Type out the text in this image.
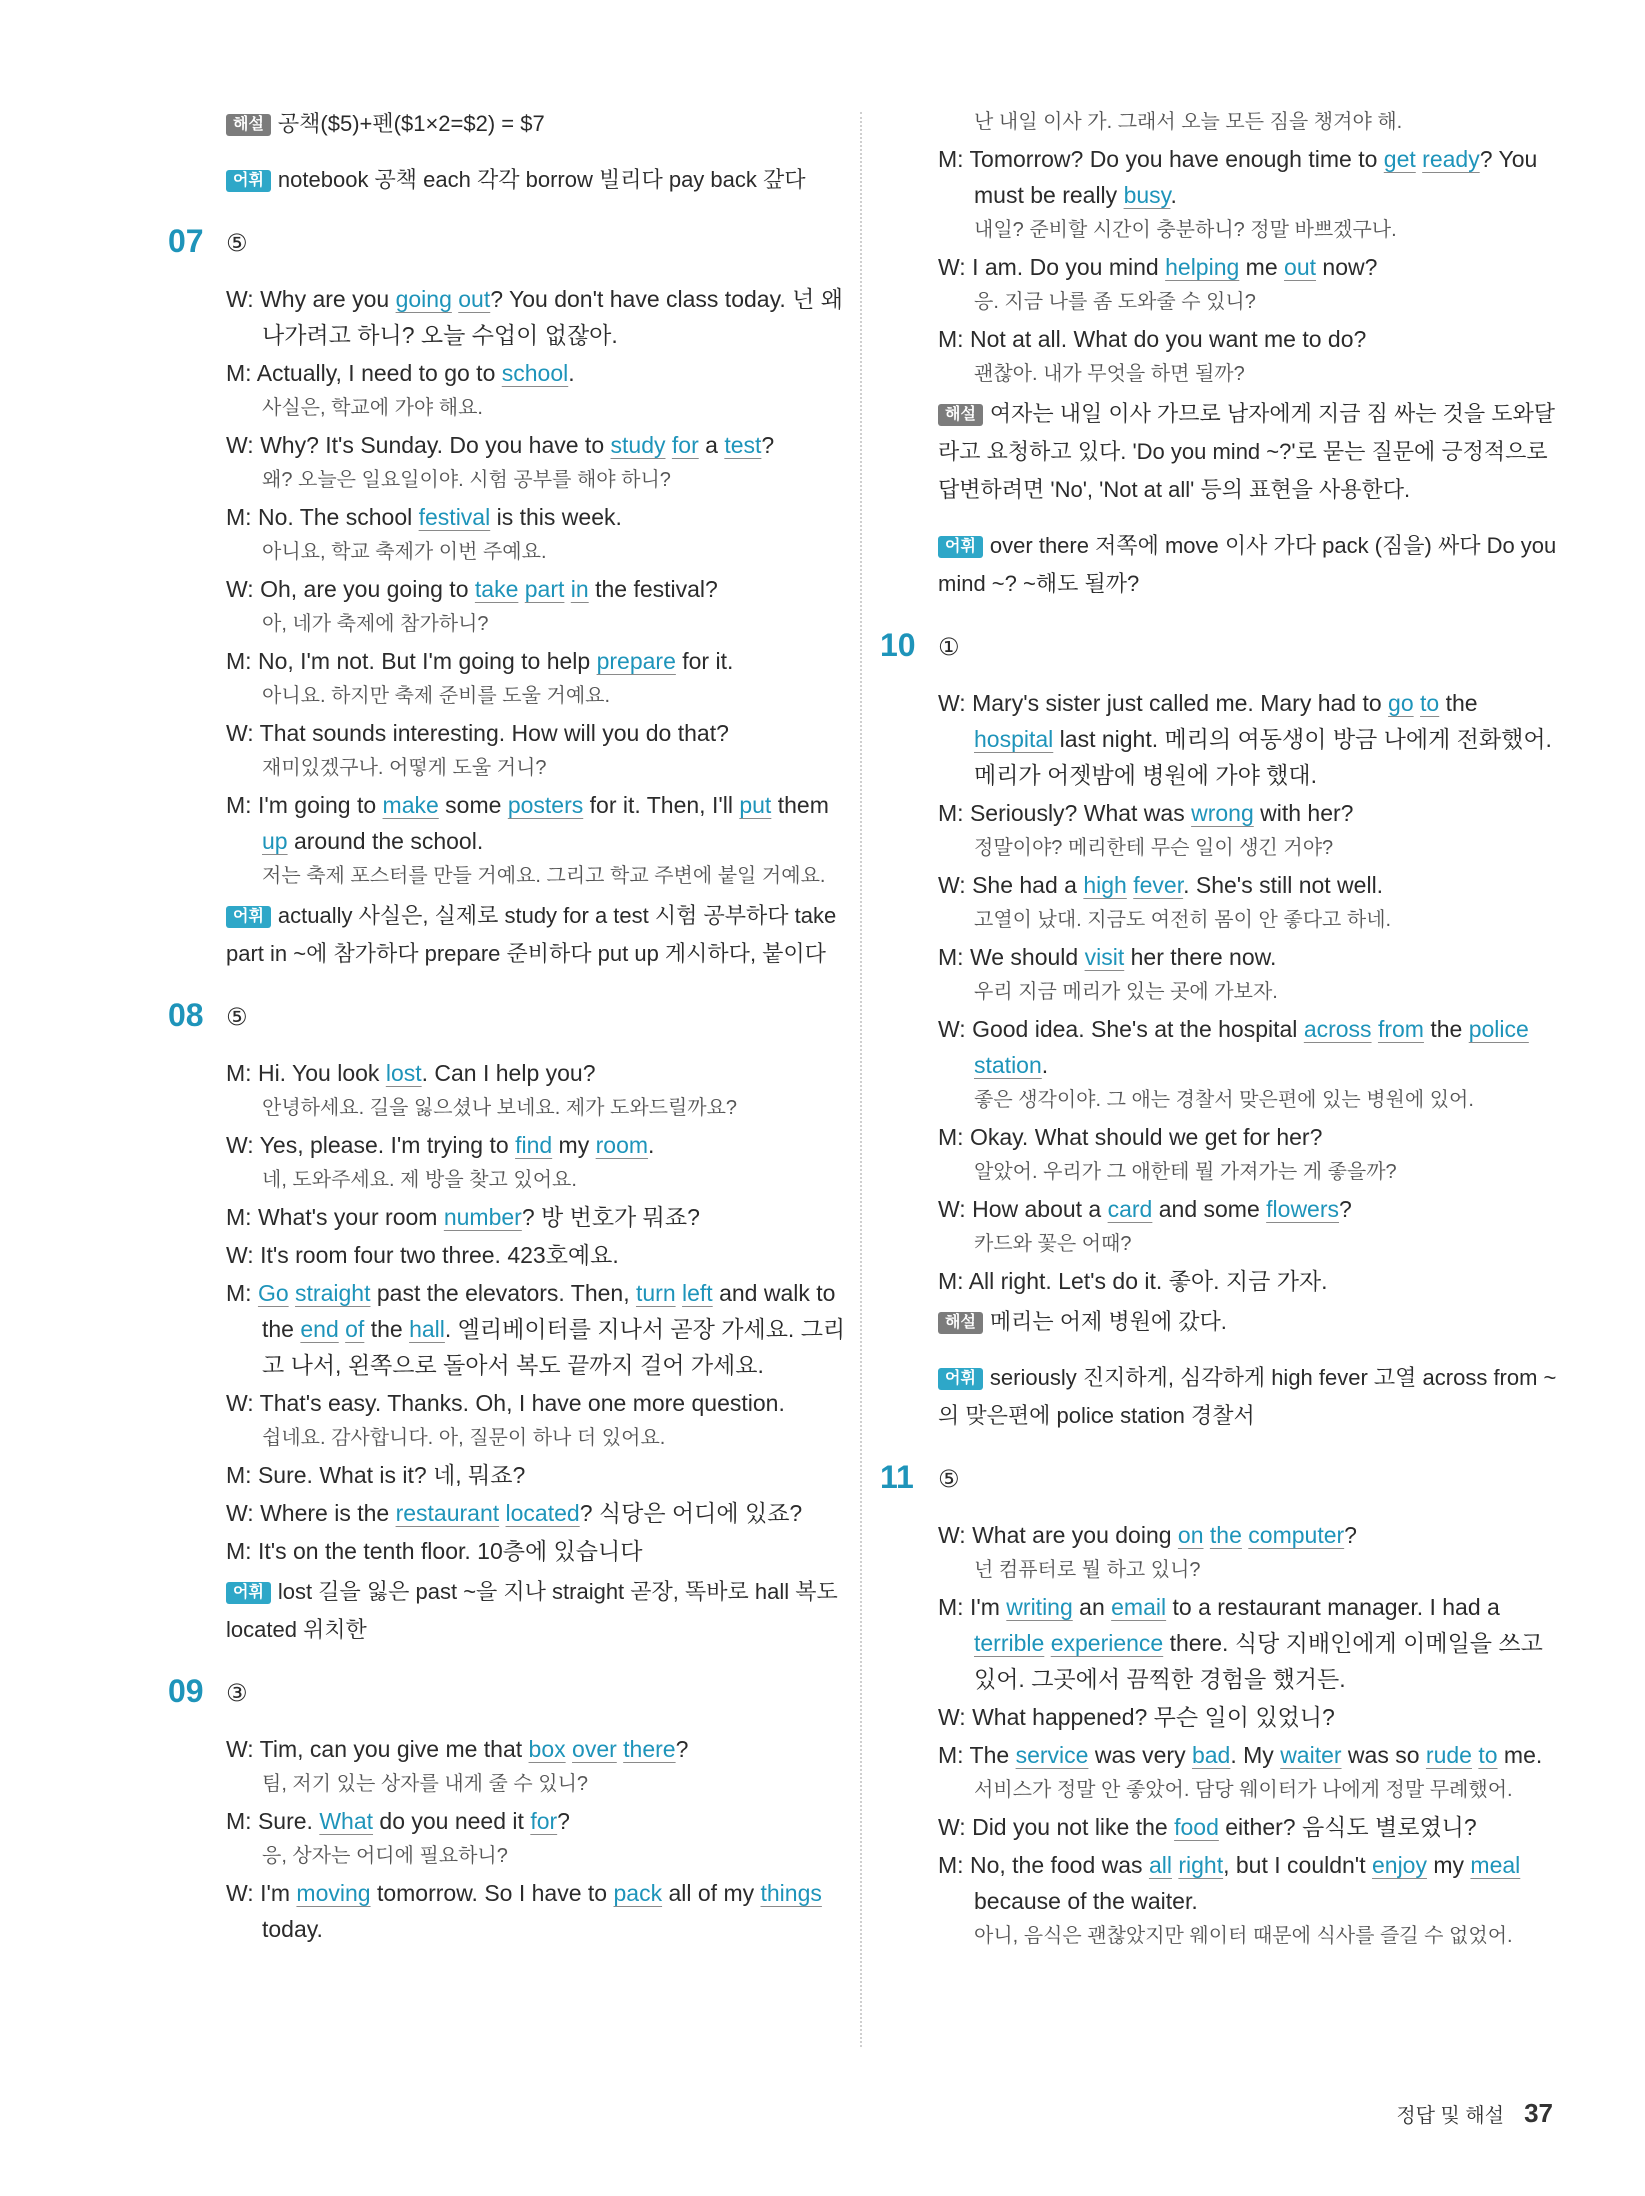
해설 공책($5)+펜($1×2=$2) = $7
어휘 notebook 공책 each 각각 borrow 빌리다 pay back 갚다
07 ⑤
W: Why are you going out? You don't have class today. 넌 왜 나가려고 하니? 오늘 수업이 없잖아.
M: Actually, I need to go to school.
사실은, 학교에 가야 해요.
W: Why? It's Sunday. Do you have to study for a test?
왜? 오늘은 일요일이야. 시험 공부를 해야 하니?
M: No. The school festival is this week.
아니요, 학교 축제가 이번 주예요.
W: Oh, are you going to take part in the festival?
아, 네가 축제에 참가하니?
M: No, I'm not. But I'm going to help prepare for it.
아니요. 하지만 축제 준비를 도울 거예요.
W: That sounds interesting. How will you do that?
재미있겠구나. 어떻게 도울 거니?
M: I'm going to make some posters for it. Then, I'll put them up around the school.
저는 축제 포스터를 만들 거예요. 그리고 학교 주변에 붙일 거예요.
어휘 actually 사실은, 실제로 study for a test 시험 공부하다 take part in ~에 참가하다 prepare 준비하다 put up 게시하다, 붙이다
08 ⑤
M: Hi. You look lost. Can I help you?
안녕하세요. 길을 잃으셨나 보네요. 제가 도와드릴까요?
W: Yes, please. I'm trying to find my room.
네, 도와주세요. 제 방을 찾고 있어요.
M: What's your room number? 방 번호가 뭐죠?
W: It's room four two three. 423호예요.
M: Go straight past the elevators. Then, turn left and walk to the end of the hall. 엘리베이터를 지나서 곧장 가세요. 그리고 나서, 왼쪽으로 돌아서 복도 끝까지 걸어 가세요.
W: That's easy. Thanks. Oh, I have one more question.
쉽네요. 감사합니다. 아, 질문이 하나 더 있어요.
M: Sure. What is it? 네, 뭐죠?
W: Where is the restaurant located? 식당은 어디에 있죠?
M: It's on the tenth floor. 10층에 있습니다
어휘 lost 길을 잃은 past ~을 지나 straight 곧장, 똑바로 hall 복도 located 위치한
09 ③
W: Tim, can you give me that box over there?
팀, 저기 있는 상자를 내게 줄 수 있니?
M: Sure. What do you need it for?
응, 상자는 어디에 필요하니?
W: I'm moving tomorrow. So I have to pack all of my things today.
난 내일 이사 가. 그래서 오늘 모든 짐을 챙겨야 해.
M: Tomorrow? Do you have enough time to get ready? You must be really busy.
내일? 준비할 시간이 충분하니? 정말 바쁘겠구나.
W: I am. Do you mind helping me out now?
응. 지금 나를 좀 도와줄 수 있니?
M: Not at all. What do you want me to do?
괜찮아. 내가 무엇을 하면 될까?
해설 여자는 내일 이사 가므로 남자에게 지금 짐 싸는 것을 도와달라고 요청하고 있다. 'Do you mind ~?'로 묻는 질문에 긍정적으로 답변하려면 'No', 'Not at all' 등의 표현을 사용한다.
어휘 over there 저쪽에 move 이사 가다 pack (짐을) 싸다 Do you mind ~? ~해도 될까?
10 ①
W: Mary's sister just called me. Mary had to go to the hospital last night. 메리의 여동생이 방금 나에게 전화했어. 메리가 어젯밤에 병원에 가야 했대.
M: Seriously? What was wrong with her?
정말이야? 메리한테 무슨 일이 생긴 거야?
W: She had a high fever. She's still not well.
고열이 났대. 지금도 여전히 몸이 안 좋다고 하네.
M: We should visit her there now.
우리 지금 메리가 있는 곳에 가보자.
W: Good idea. She's at the hospital across from the police station.
좋은 생각이야. 그 애는 경찰서 맞은편에 있는 병원에 있어.
M: Okay. What should we get for her?
알았어. 우리가 그 애한테 뭘 가져가는 게 좋을까?
W: How about a card and some flowers?
카드와 꽃은 어때?
M: All right. Let's do it. 좋아. 지금 가자.
해설 메리는 어제 병원에 갔다.
어휘 seriously 진지하게, 심각하게 high fever 고열 across from ~의 맞은편에 police station 경찰서
11 ⑤
W: What are you doing on the computer?
넌 컴퓨터로 뭘 하고 있니?
M: I'm writing an email to a restaurant manager. I had a terrible experience there. 식당 지배인에게 이메일을 쓰고 있어. 그곳에서 끔찍한 경험을 했거든.
W: What happened? 무슨 일이 있었니?
M: The service was very bad. My waiter was so rude to me.
서비스가 정말 안 좋았어. 담당 웨이터가 나에게 정말 무례했어.
W: Did you not like the food either? 음식도 별로였니?
M: No, the food was all right, but I couldn't enjoy my meal because of the waiter.
아니, 음식은 괜찮았지만 웨이터 때문에 식사를 즐길 수 없었어.
정답 및 해설 37
